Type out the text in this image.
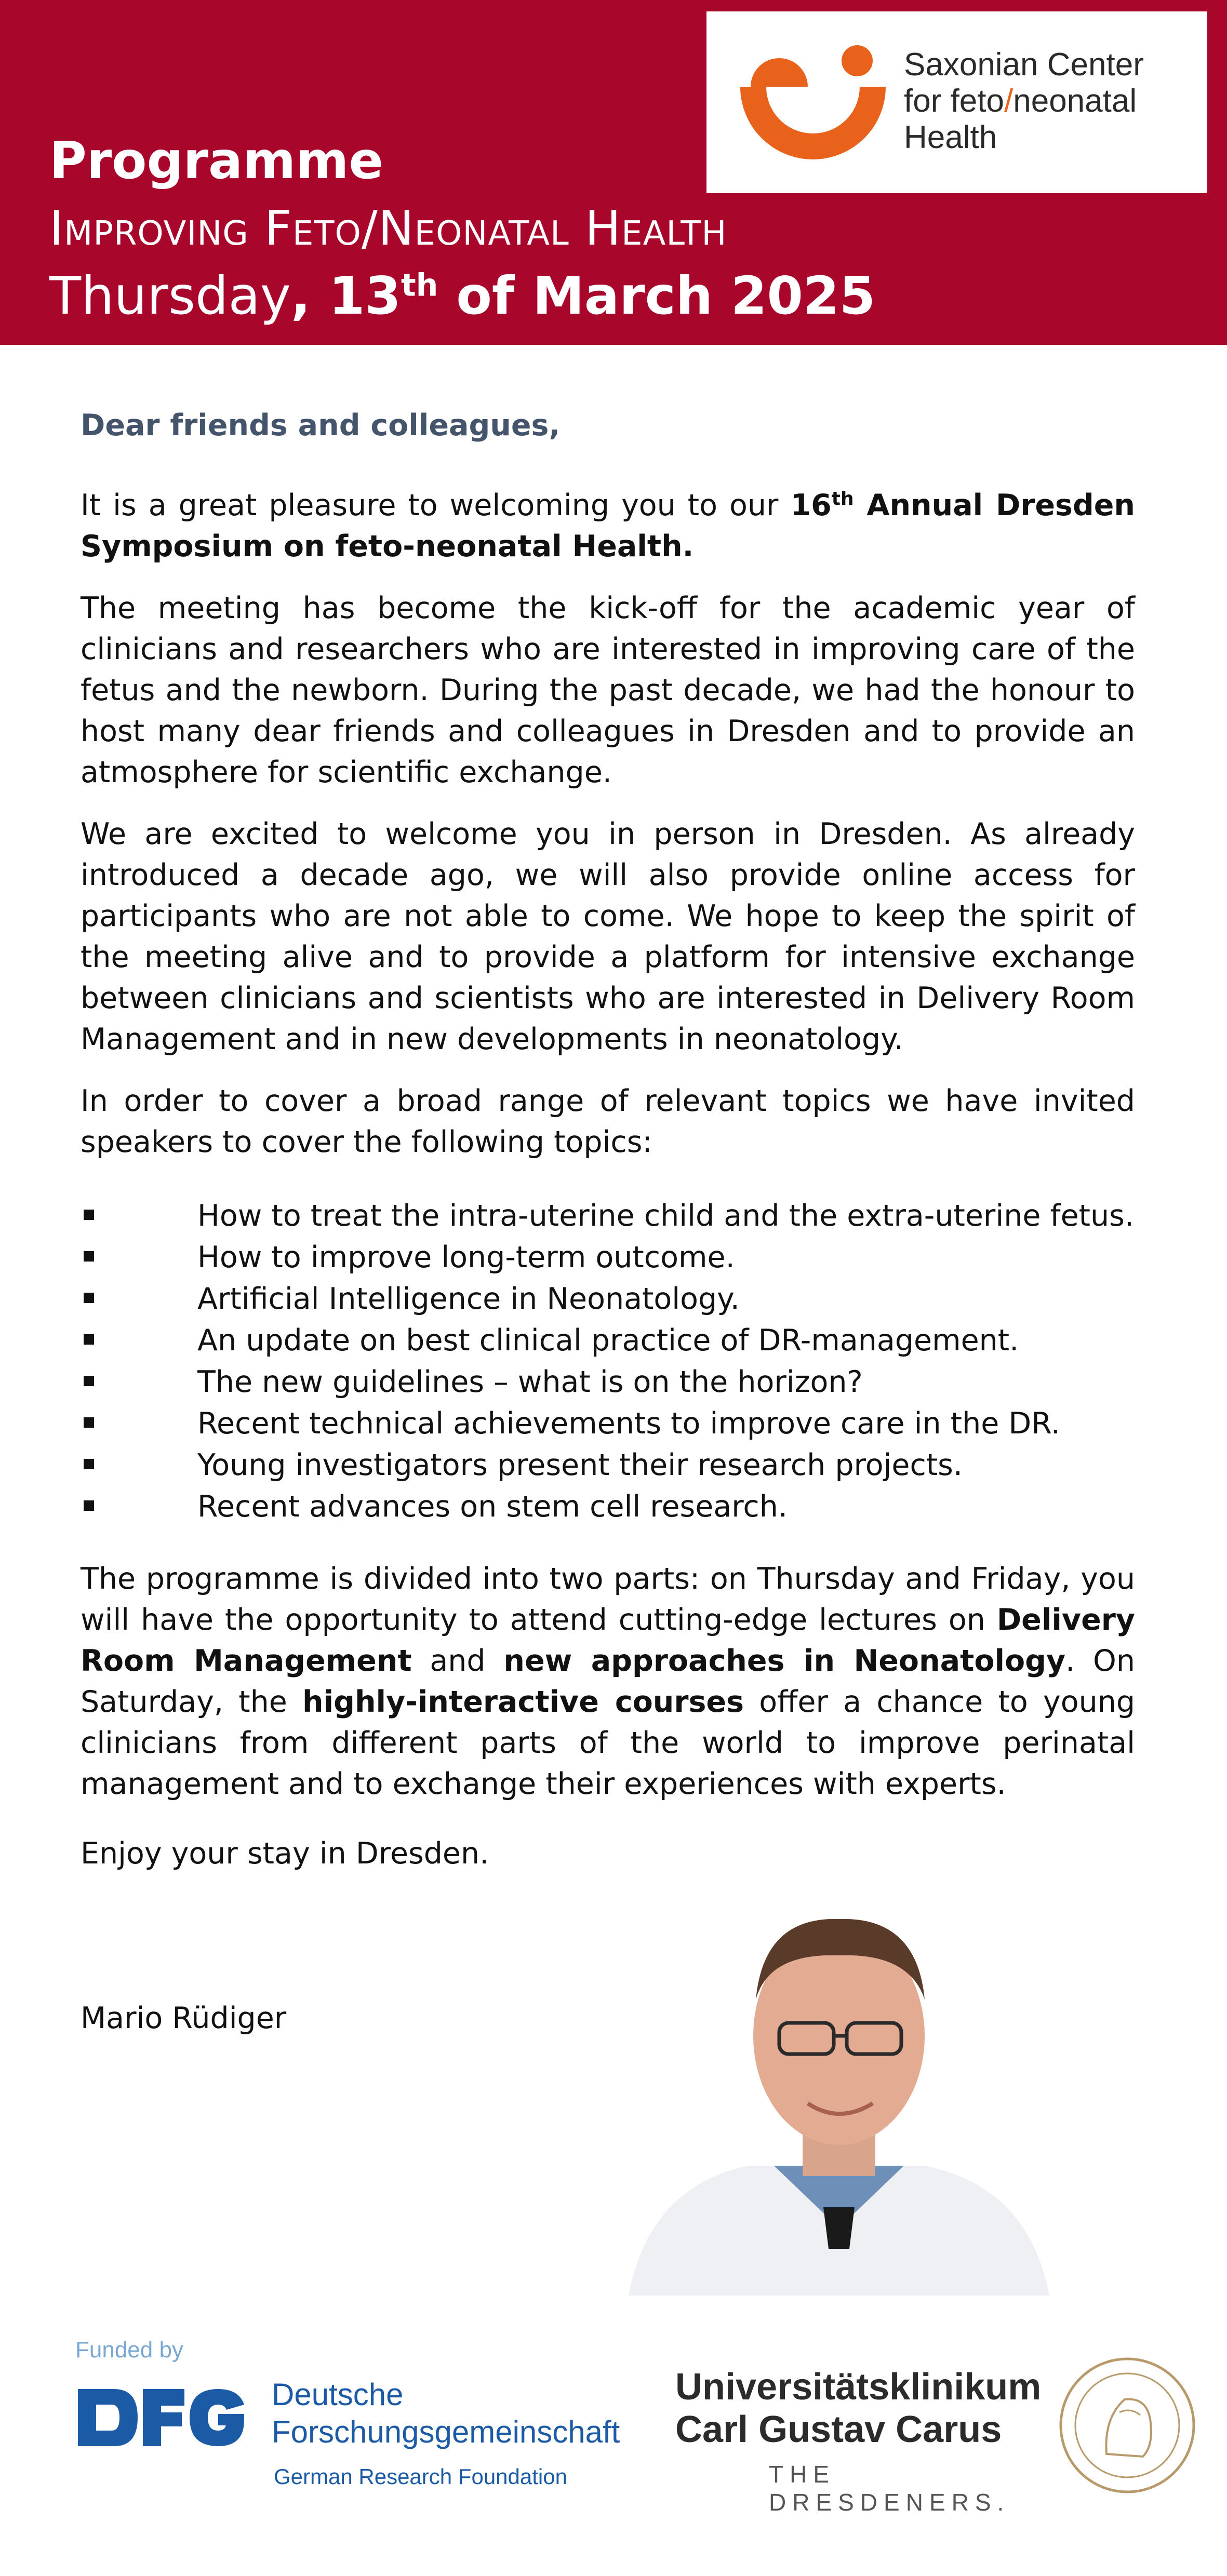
Saxonian Center
for feto/neonatal
Health

Programme

Improving Feto/Neonatal Health

Thursday, 13th of March 2025

Dear friends and colleagues,

It is a great pleasure to welcoming you to our 16th Annual Dresden Symposium on feto-neonatal Health.

The meeting has become the kick-off for the academic year of clinicians and researchers who are interested in improving care of the fetus and the newborn. During the past decade, we had the honour to host many dear friends and colleagues in Dresden and to provide an atmosphere for scientific exchange.

We are excited to welcome you in person in Dresden. As already introduced a decade ago, we will also provide online access for participants who are not able to come. We hope to keep the spirit of the meeting alive and to provide a platform for intensive exchange between clinicians and scientists who are interested in Delivery Room Management and in new developments in neonatology.

In order to cover a broad range of relevant topics we have invited speakers to cover the following topics:

How to treat the intra-uterine child and the extra-uterine fetus.
How to improve long-term outcome.
Artificial Intelligence in Neonatology.
An update on best clinical practice of DR-management.
The new guidelines – what is on the horizon?
Recent technical achievements to improve care in the DR.
Young investigators present their research projects.
Recent advances on stem cell research.

The programme is divided into two parts: on Thursday and Friday, you will have the opportunity to attend cutting-edge lectures on Delivery Room Management and new approaches in Neonatology. On Saturday, the highly-interactive courses offer a chance to young clinicians from different parts of the world to improve perinatal management and to exchange their experiences with experts.

Enjoy your stay in Dresden.

Mario Rüdiger

Funded by
Deutsche
Forschungsgemeinschaft
German Research Foundation

Universitätsklinikum

Carl Gustav Carus

THE DRESDENERS.
